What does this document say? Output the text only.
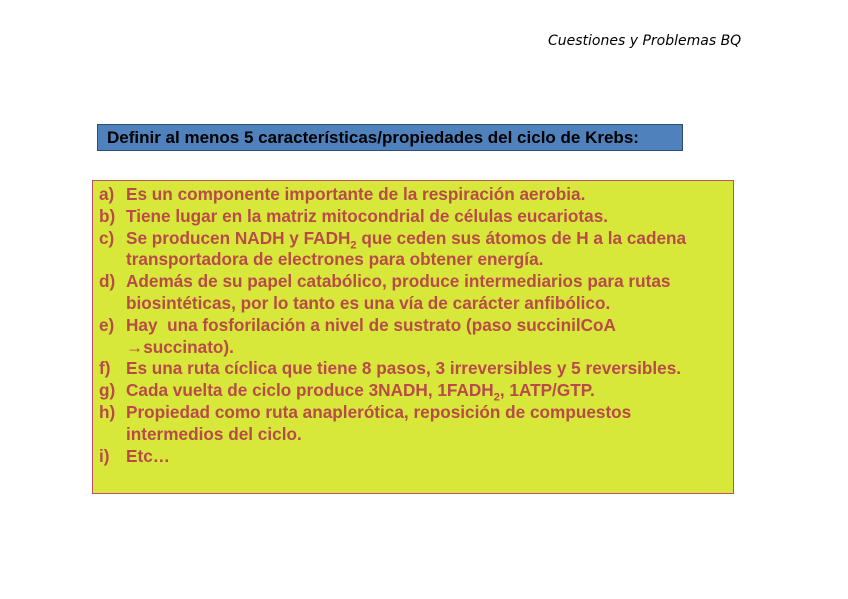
Cuestiones y Problemas BQ
Definir al menos 5 características/propiedades del ciclo de Krebs:
a) Es un componente importante de la respiración aerobia.
b) Tiene lugar en la matriz mitocondrial de células eucariotas.
c) Se producen NADH y $FADH_2$ que ceden sus átomos de H a la cadena
transportadora de electrones para obtener energía.
d) Además de su papel catabólico, produce intermediarios para rutas
biosintéticas, por lo tanto es una vía de carácter anfibólico.
e) Hay  una fosforilación a nivel de sustrato (paso succinilCoA
→succinato).
f) Es una ruta cíclica que tiene 8 pasos, 3 irreversibles y 5 reversibles.
g) Cada vuelta de ciclo produce 3NADH, $1FADH_2$, 1ATP/GTP.
h) Propiedad como ruta anaplerótica, reposición de compuestos
intermedios del ciclo.
i) Etc…
